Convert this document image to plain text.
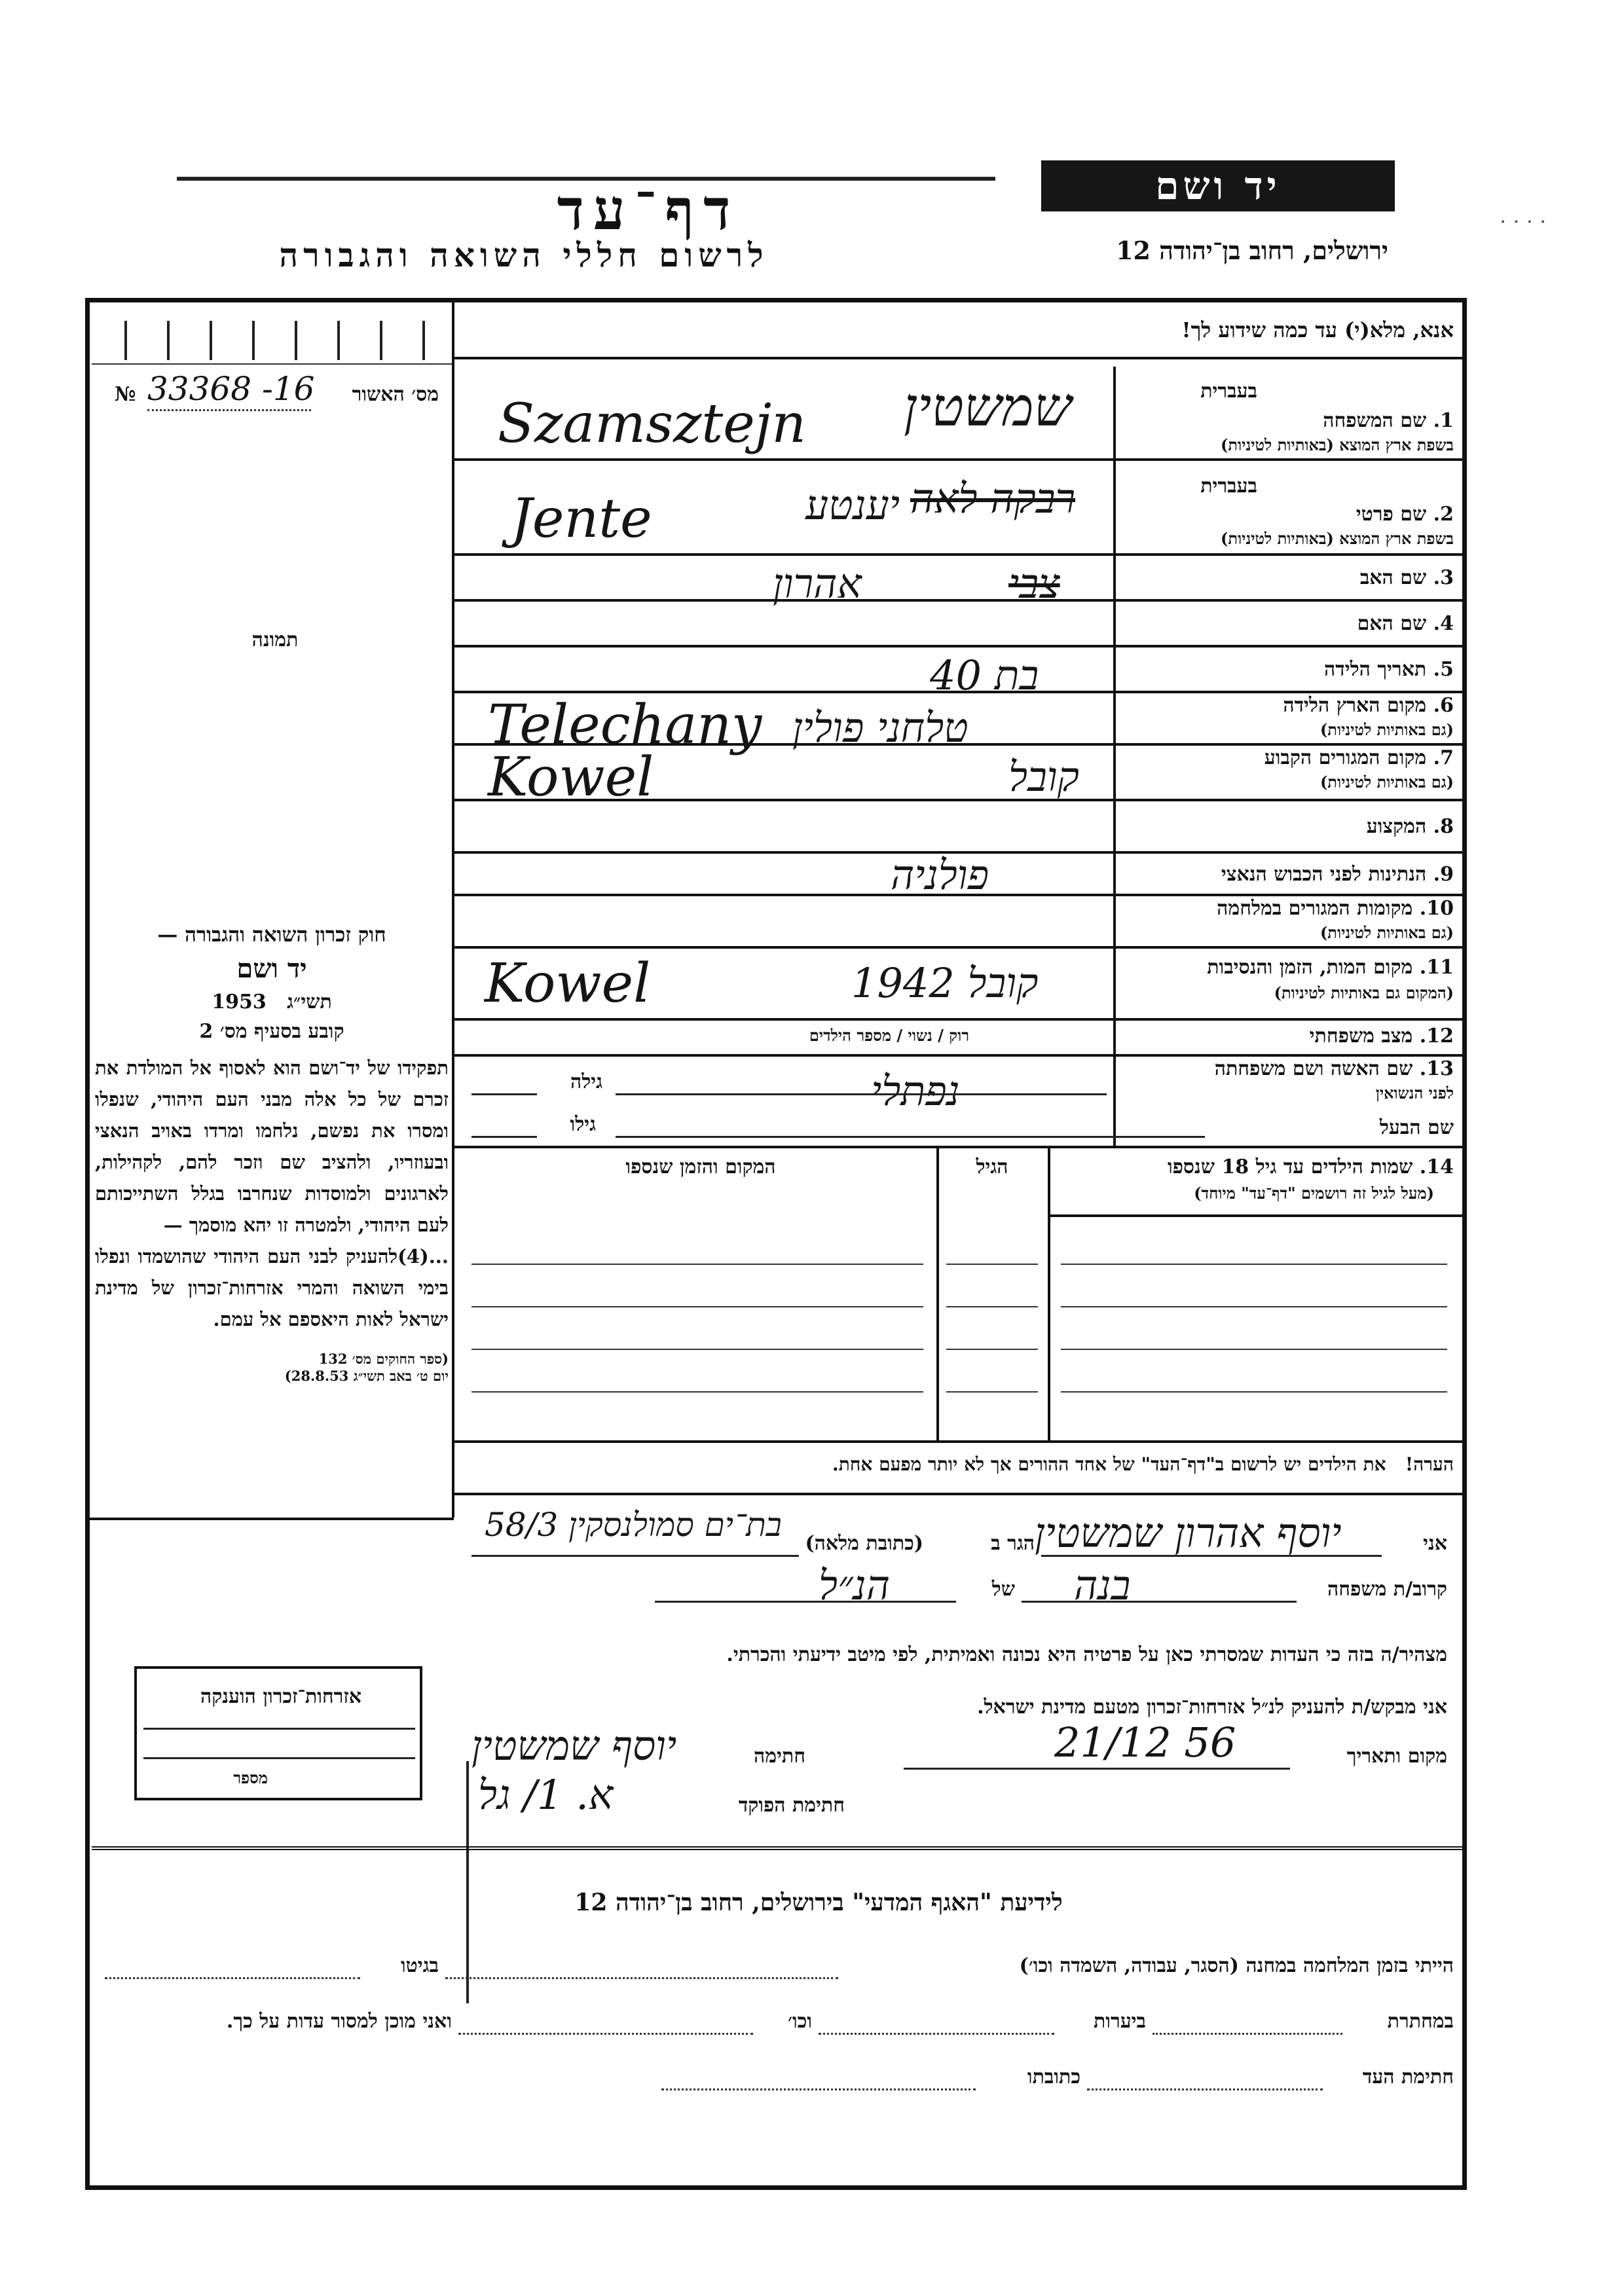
יד ושם
. . . .
דף־עד
לרשום חללי השואה והגבורה	ירושלים, רחוב בן־יהודה 12
אנא, מלא(י) עד כמה שידוע לך!
מס׳ האשור
№ 33368 -16
תמונה
בעברית
1. שם המשפחה
בשפת ארץ המוצא (באותיות לטיניות)
Szamsztejn שמשטין
בעברית
2. שם פרטי
בשפת ארץ המוצא (באותיות לטיניות)
Jente	יענטע רבקה לאה
3. שם האב
אהרון	צבי
4. שם האם
5. תאריך הלידה
בת 40
6. מקום הארץ הלידה
(גם באותיות לטיניות)
Telechany טלחני פולין
7. מקום המגורים הקבוע
(גם באותיות לטיניות)
Kowel	קובל
8. המקצוע
9. הנתינות לפני הכבוש הנאצי
פולניה
10. מקומות המגורים במלחמה
(גם באותיות לטיניות)
11. מקום המות, הזמן והנסיבות
(המקום גם באותיות לטיניות)
Kowel	קובל 1942
12. מצב משפחתי
רוק / נשוי / מספר הילדים
13. שם האשה ושם משפחתה
לפני הנשואין
נפתלי
גילה
שם הבעל
גילו
14. שמות הילדים עד גיל 18 שנספו
(מעל לגיל זה רושמים "דף־עד" מיוחד)
הגיל
המקום והזמן שנספו
הערה!   את הילדים יש לרשום ב"דף־העד" של אחד ההורים אך לא יותר מפעם אחת.

חוק זכרון השואה והגבורה —

יד ושם

תשי״ג   1953

קובע בסעיף מס׳ 2

תפקידו של יד־ושם הוא לאסוף אל המולדת את זכרם של כל אלה מבני העם היהודי, שנפלו ומסרו את נפשם, נלחמו ומרדו באויב הנאצי ובעוזריו, ולהציב שם וזכר להם, לקהילות, לארגונים ולמוסדות שנחרבו בגלל השתייכותם לעם היהודי, ולמטרה זו יהא מוסמך —

...(4)להעניק לבני העם היהודי שהושמדו ונפלו בימי השואה והמרי אזרחות־זכרון של מדינת ישראל לאות היאספם אל עמם.

(ספר החוקים מס׳ 132

יום ט׳ באב תשי״ג 28.8.53)

אני
יוסף אהרון שמשטין
הגר ב
(כתובת מלאה)
בת־ים סמולנסקין 58/3
קרוב/ת משפחה
בנה
של
הנ״ל
מצהיר/ה בזה כי העדות שמסרתי כאן על פרטיה היא נכונה ואמיתית, לפי מיטב ידיעתי והכרתי.
אני מבקש/ת להעניק לנ״ל אזרחות־זכרון מטעם מדינת ישראל.
מקום ותאריך
21/12 56
חתימה
יוסף שמשטין
חתימת הפוקד
א. 1/ גל
אזרחות־זכרון הוענקה
מספר
לידיעת "האגף המדעי" בירושלים, רחוב בן־יהודה 12
הייתי בזמן המלחמה במחנה (הסגר, עבודה, השמדה וכו׳)
בגיטו
במחתרת
ביערות
וכו׳
ואני מוכן למסור עדות על כך.
חתימת העד
כתובתו
